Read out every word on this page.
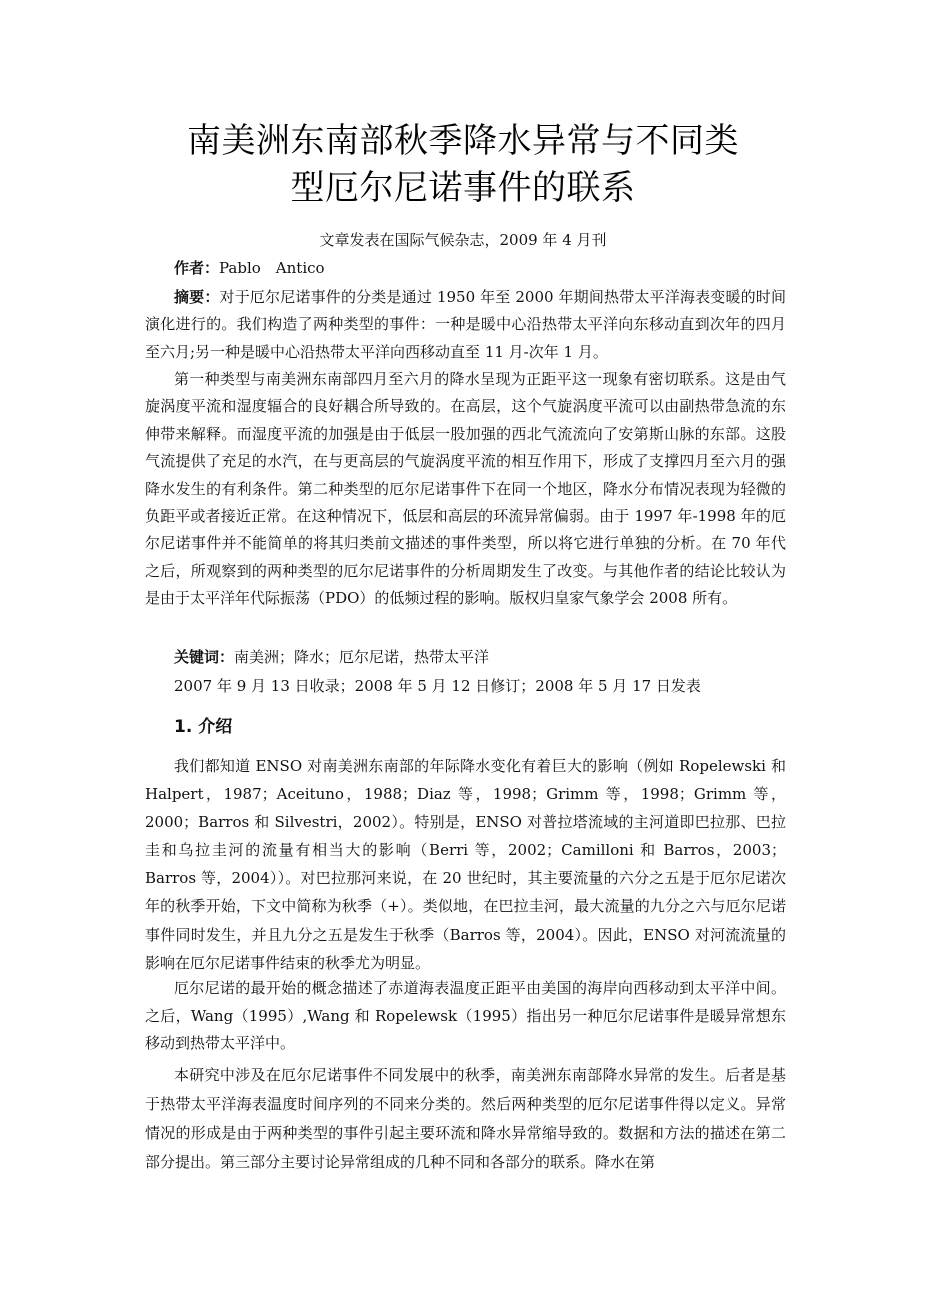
南美洲东南部秋季降水异常与不同类
型厄尔尼诺事件的联系
文章发表在国际气候杂志，2009 年 4 月刊
作者：Pablo　Antico

摘要：对于厄尔尼诺事件的分类是通过 1950 年至 2000 年期间热带太平洋海表变暖的时间演化进行的。我们构造了两种类型的事件：一种是暖中心沿热带太平洋向东移动直到次年的四月至六月;另一种是暖中心沿热带太平洋向西移动直至 11 月-次年 1 月。

第一种类型与南美洲东南部四月至六月的降水呈现为正距平这一现象有密切联系。这是由气旋涡度平流和湿度辐合的良好耦合所导致的。在高层，这个气旋涡度平流可以由副热带急流的东伸带来解释。而湿度平流的加强是由于低层一股加强的西北气流流向了安第斯山脉的东部。这股气流提供了充足的水汽，在与更高层的气旋涡度平流的相互作用下，形成了支撑四月至六月的强降水发生的有利条件。第二种类型的厄尔尼诺事件下在同一个地区，降水分布情况表现为轻微的负距平或者接近正常。在这种情况下，低层和高层的环流异常偏弱。由于 1997 年-1998 年的厄尔尼诺事件并不能简单的将其归类前文描述的事件类型，所以将它进行单独的分析。在 70 年代之后，所观察到的两种类型的厄尔尼诺事件的分析周期发生了改变。与其他作者的结论比较认为是由于太平洋年代际振荡（PDO）的低频过程的影响。版权归皇家气象学会 2008 所有。

关键词：南美洲；降水；厄尔尼诺，热带太平洋
2007 年 9 月 13 日收录；2008 年 5 月 12 日修订；2008 年 5 月 17 日发表
1. 介绍

我们都知道 ENSO 对南美洲东南部的年际降水变化有着巨大的影响（例如 Ropelewski 和 Halpert，1987；Aceituno，1988；Diaz 等，1998；Grimm 等，1998；Grimm 等，2000；Barros 和 Silvestri，2002）。特别是，ENSO 对普拉塔流域的主河道即巴拉那、巴拉圭和乌拉圭河的流量有相当大的影响（Berri 等，2002；Camilloni 和 Barros，2003；Barros 等，2004））。对巴拉那河来说，在 20 世纪时，其主要流量的六分之五是于厄尔尼诺次年的秋季开始，下文中简称为秋季（+）。类似地，在巴拉圭河，最大流量的九分之六与厄尔尼诺事件同时发生，并且九分之五是发生于秋季（Barros 等，2004）。因此，ENSO 对河流流量的影响在厄尔尼诺事件结束的秋季尤为明显。

厄尔尼诺的最开始的概念描述了赤道海表温度正距平由美国的海岸向西移动到太平洋中间。之后，Wang（1995）,Wang 和 Ropelewsk（1995）指出另一种厄尔尼诺事件是暖异常想东移动到热带太平洋中。

本研究中涉及在厄尔尼诺事件不同发展中的秋季，南美洲东南部降水异常的发生。后者是基于热带太平洋海表温度时间序列的不同来分类的。然后两种类型的厄尔尼诺事件得以定义。异常情况的形成是由于两种类型的事件引起主要环流和降水异常缩导致的。数据和方法的描述在第二部分提出。第三部分主要讨论异常组成的几种不同和各部分的联系。降水在第
